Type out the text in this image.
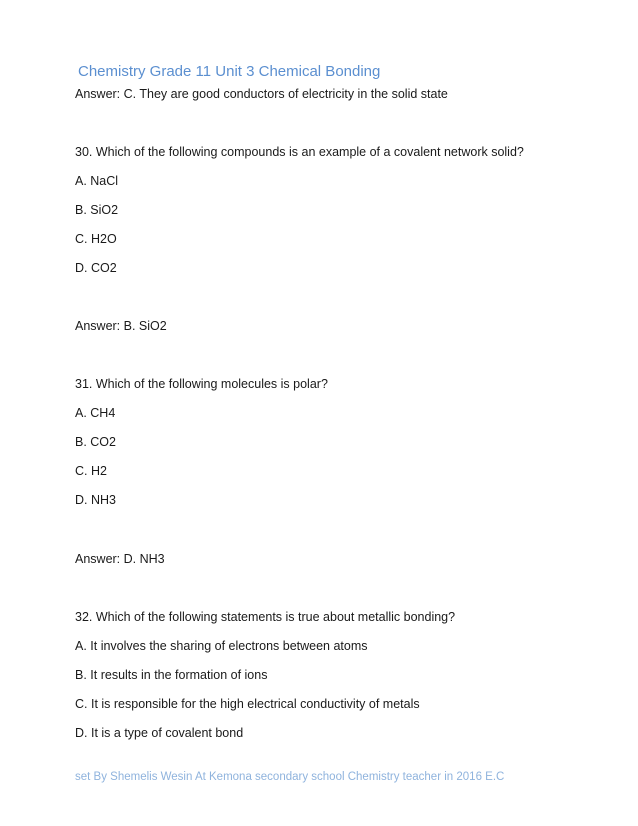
Chemistry Grade 11 Unit 3 Chemical Bonding
Answer: C. They are good conductors of electricity in the solid state
30. Which of the following compounds is an example of a covalent network solid?
A. NaCl
B. SiO2
C. H2O
D. CO2
Answer: B. SiO2
31. Which of the following molecules is polar?
A. CH4
B. CO2
C. H2
D. NH3
Answer: D. NH3
32. Which of the following statements is true about metallic bonding?
A. It involves the sharing of electrons between atoms
B. It results in the formation of ions
C. It is responsible for the high electrical conductivity of metals
D. It is a type of covalent bond
set By Shemelis Wesin At Kemona secondary school Chemistry teacher in 2016 E.C
